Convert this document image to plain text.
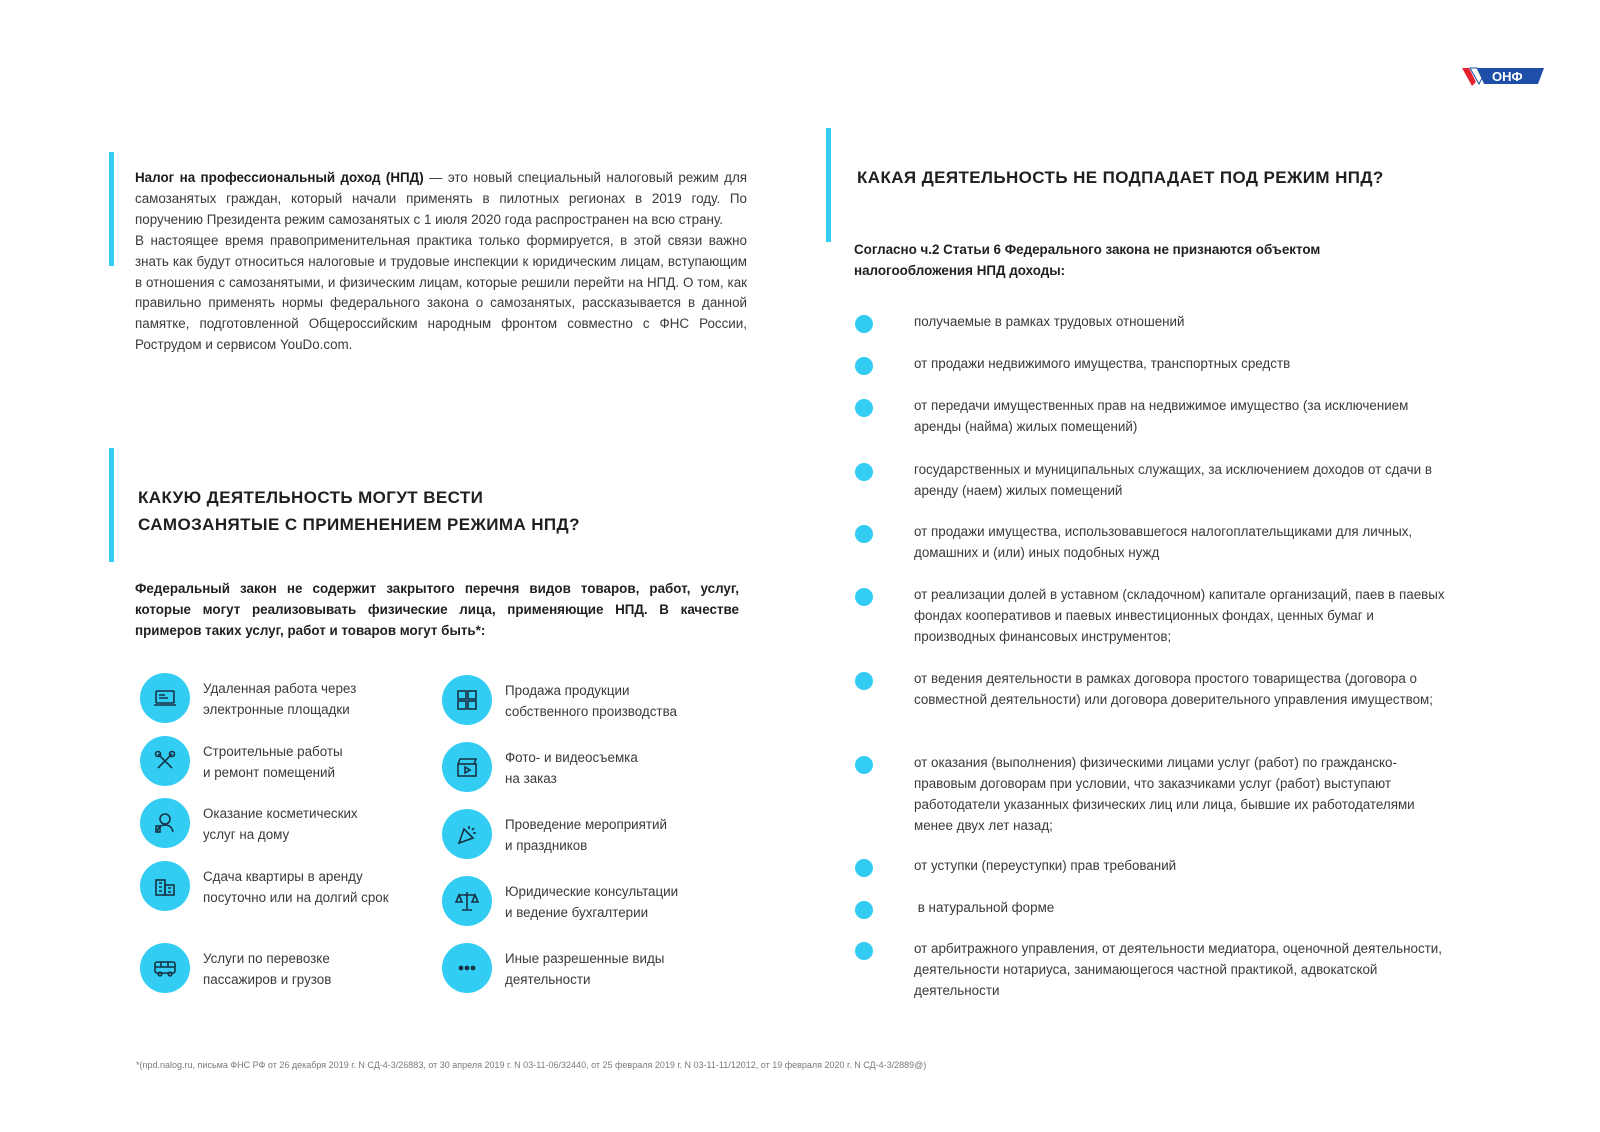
ОНФ

Налог на профессиональный доход (НПД) — это новый специальный налоговый режим для самозанятых граждан, который начали применять в пилотных регионах в 2019 году. По поручению Президента режим самозанятых с 1 июля 2020 года распространен на всю страну.
В настоящее время правоприменительная практика только формируется, в этой связи важно знать как будут относиться налоговые и трудовые инспекции к юридическим лицам, вступающим в отношения с самозанятыми, и физическим лицам, которые решили перейти на НПД. О том, как правильно применять нормы федерального закона о самозанятых, рассказывается в данной памятке, подготовленной Общероссийским народным фронтом совместно с ФНС России, Рострудом и сервисом YouDo.com.

КАКУЮ ДЕЯТЕЛЬНОСТЬ МОГУТ ВЕСТИ
САМОЗАНЯТЫЕ С ПРИМЕНЕНИЕМ РЕЖИМА НПД?

Федеральный закон не содержит закрытого перечня видов товаров, работ, услуг, которые могут реализовывать физические лица, применяющие НПД. В качестве примеров таких услуг, работ и товаров могут быть*:

Удаленная работа через
электронные площадки
Строительные работы
и ремонт помещений
Оказание косметических
услуг на дому
Сдача квартиры в аренду
посуточно или на долгий срок
Услуги по перевозке
пассажиров и грузов
Продажа продукции
собственного производства
Фото- и видеосъемка
на заказ
Проведение мероприятий
и праздников
Юридические консультации
и ведение бухгалтерии
Иные разрешенные виды
деятельности
КАКАЯ ДЕЯТЕЛЬНОСТЬ НЕ ПОДПАДАЕТ ПОД РЕЖИМ НПД?

Согласно ч.2 Статьи 6 Федерального закона не признаются объектом налогообложения НПД доходы:

получаемые в рамках трудовых отношений
от продажи недвижимого имущества, транспортных средств
от передачи имущественных прав на недвижимое имущество (за исключением аренды (найма) жилых помещений)
государственных и муниципальных служащих, за исключением доходов от сдачи в аренду (наем) жилых помещений
от продажи имущества, использовавшегося налогоплательщиками для личных, домашних и (или) иных подобных нужд
от реализации долей в уставном (складочном) капитале организаций, паев в паевых фондах кооперативов и паевых инвестиционных фондах, ценных бумаг и производных финансовых инструментов;
от ведения деятельности в рамках договора простого товарищества (договора о совместной деятельности) или договора доверительного управления имуществом;
от оказания (выполнения) физическими лицами услуг (работ) по гражданско-правовым договорам при условии, что заказчиками услуг (работ) выступают работодатели указанных физических лиц или лица, бывшие их работодателями менее двух лет назад;
от уступки (переуступки) прав требований
в натуральной форме
от арбитражного управления, от деятельности медиатора, оценочной деятельности, деятельности нотариуса, занимающегося частной практикой, адвокатской деятельности

*(npd.nalog.ru, письма ФНС РФ от 26 декабря 2019 г. N СД-4-3/26883, от 30 апреля 2019 г. N 03-11-06/32440, от 25 февраля 2019 г. N 03-11-11/12012, от 19 февраля 2020 г. N СД-4-3/2889@)
